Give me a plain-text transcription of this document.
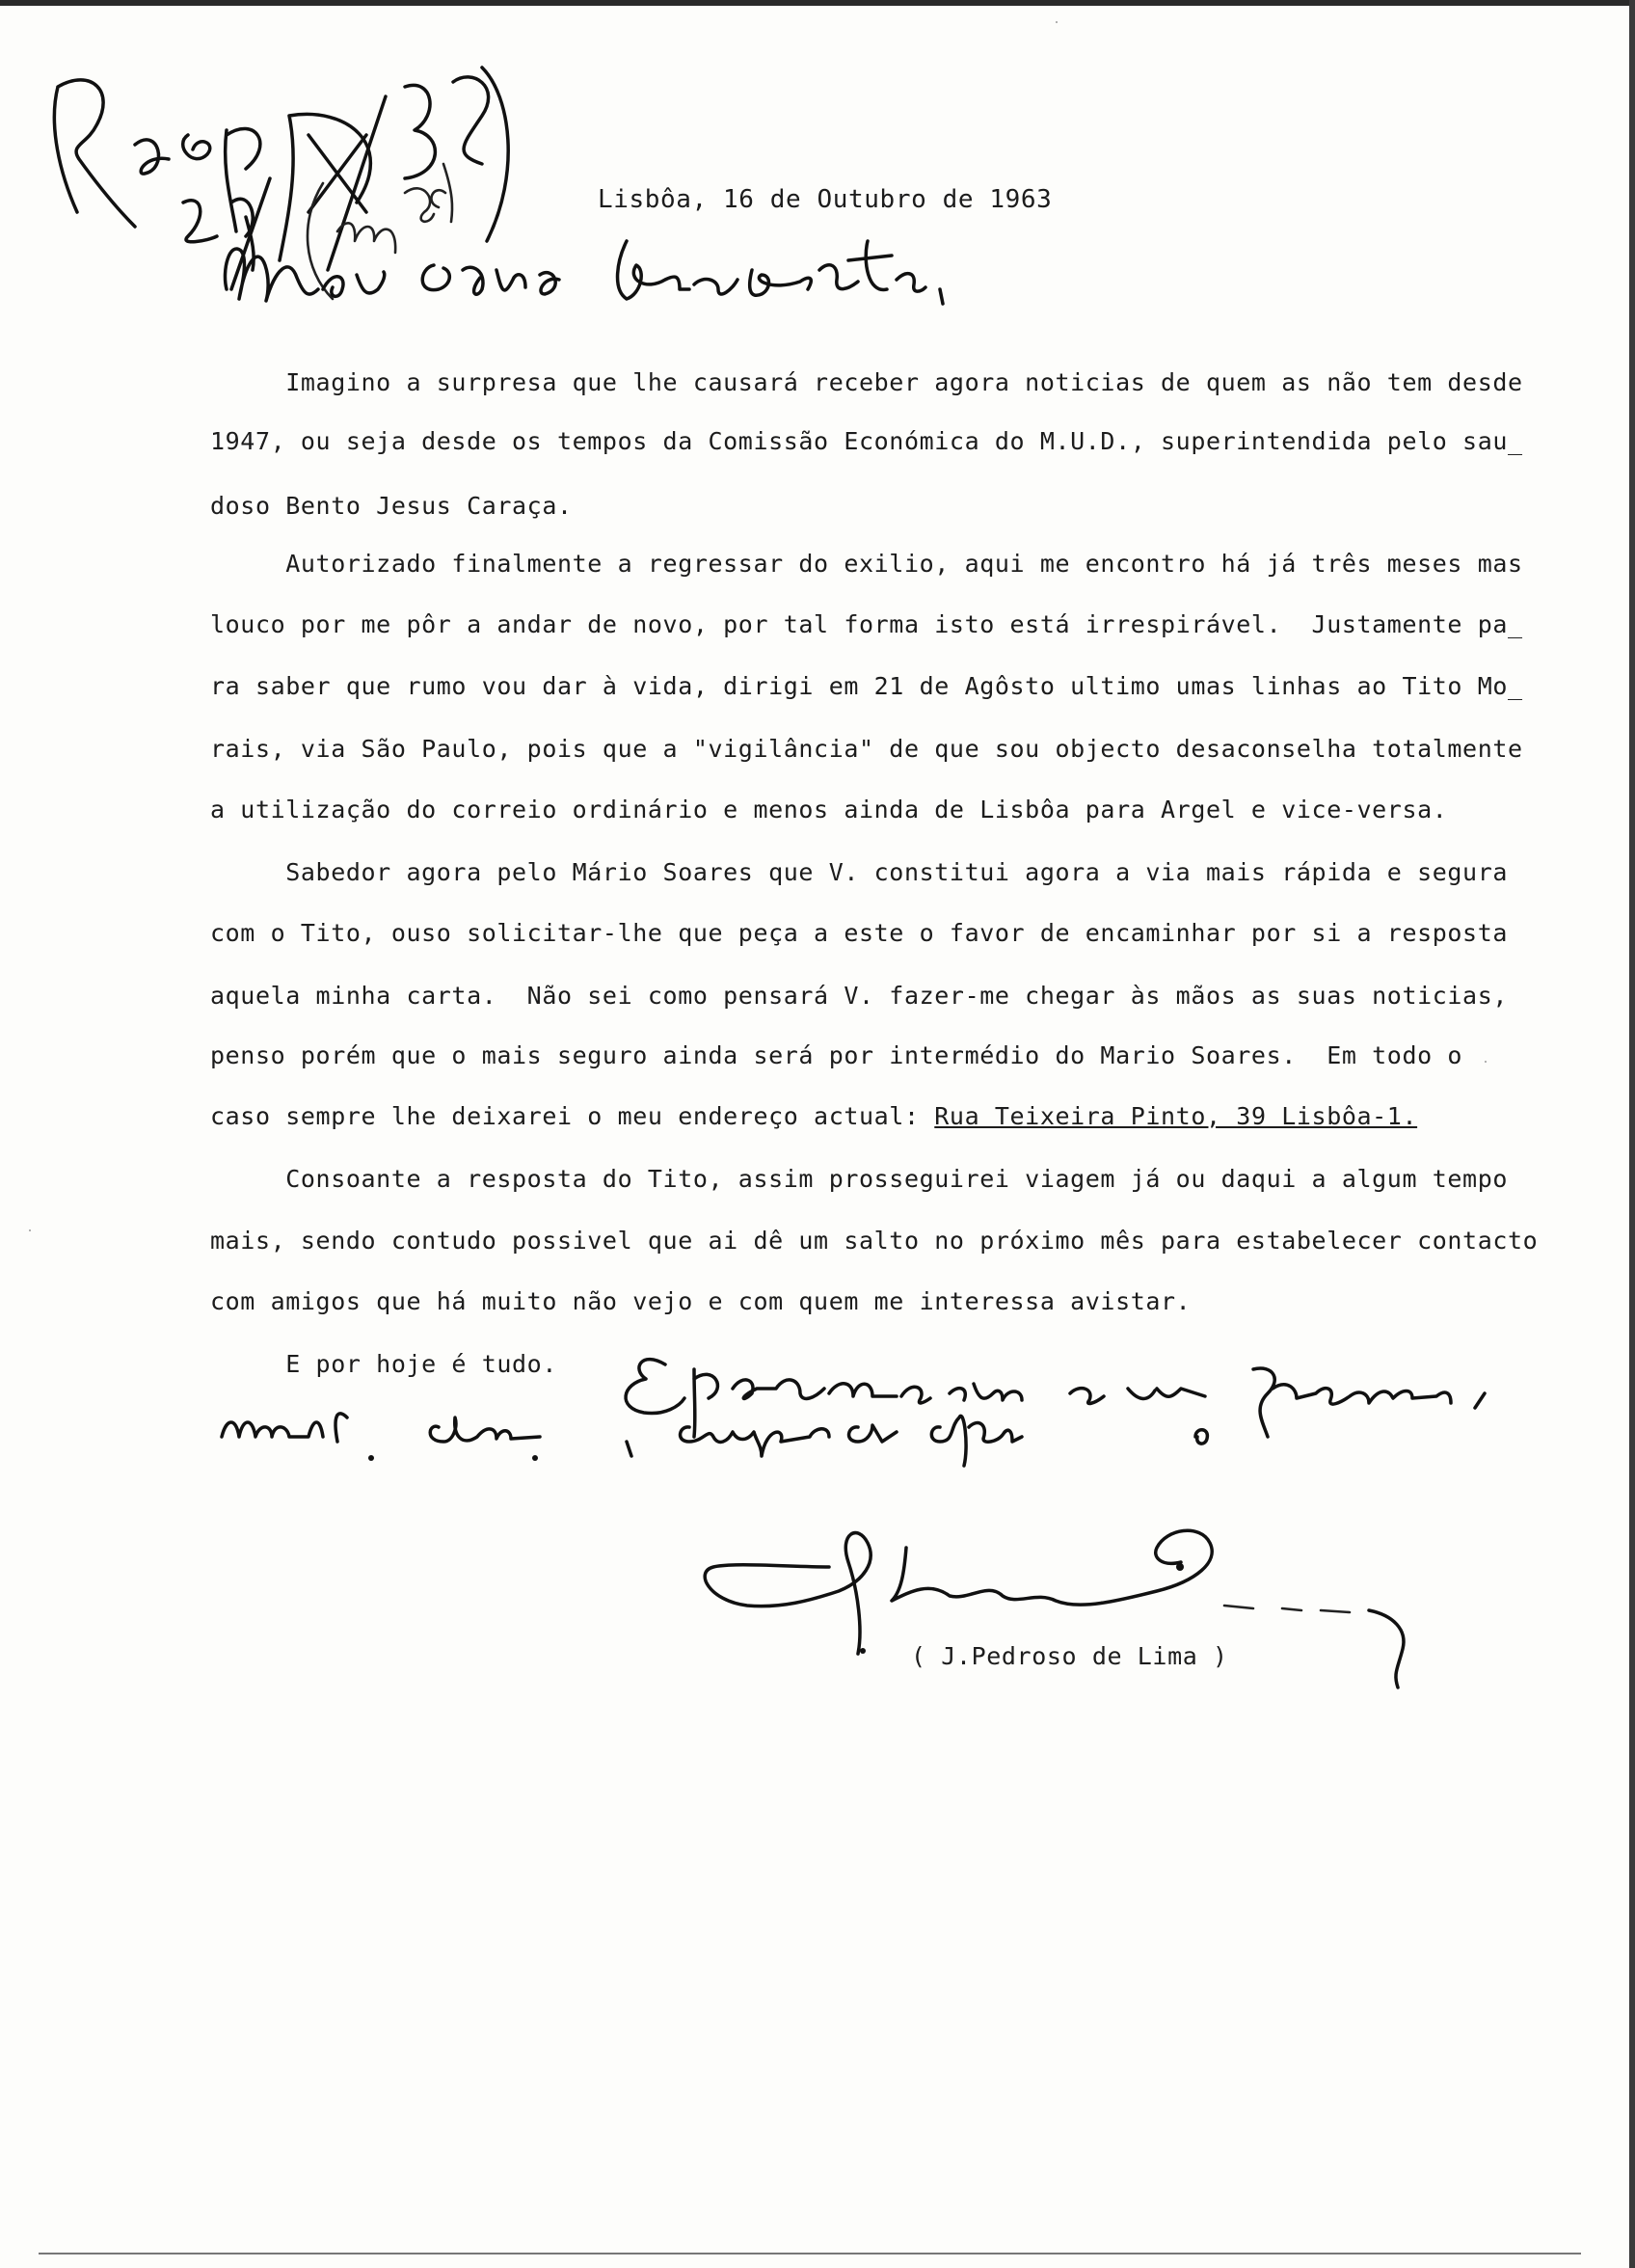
Lisbôa, 16 de Outubro de 1963
Imagino a surpresa que lhe causará receber agora noticias de quem as não tem desde
1947, ou seja desde os tempos da Comissão Económica do M.U.D., superintendida pelo sau_
doso Bento Jesus Caraça.
Autorizado finalmente a regressar do exilio, aqui me encontro há já três meses mas
louco por me pôr a andar de novo, por tal forma isto está irrespirável.  Justamente pa_
ra saber que rumo vou dar à vida, dirigi em 21 de Agôsto ultimo umas linhas ao Tito Mo_
rais, via São Paulo, pois que a "vigilância" de que sou objecto desaconselha totalmente
a utilização do correio ordinário e menos ainda de Lisbôa para Argel e vice-versa.
Sabedor agora pelo Mário Soares que V. constitui agora a via mais rápida e segura
com o Tito, ouso solicitar-lhe que peça a este o favor de encaminhar por si a resposta
aquela minha carta.  Não sei como pensará V. fazer-me chegar às mãos as suas noticias,
penso porém que o mais seguro ainda será por intermédio do Mario Soares.  Em todo o
caso sempre lhe deixarei o meu endereço actual: Rua Teixeira Pinto, 39 Lisbôa-1.
Consoante a resposta do Tito, assim prosseguirei viagem já ou daqui a algum tempo
mais, sendo contudo possivel que ai dê um salto no próximo mês para estabelecer contacto
com amigos que há muito não vejo e com quem me interessa avistar.
E por hoje é tudo.
( J.Pedroso de Lima )
